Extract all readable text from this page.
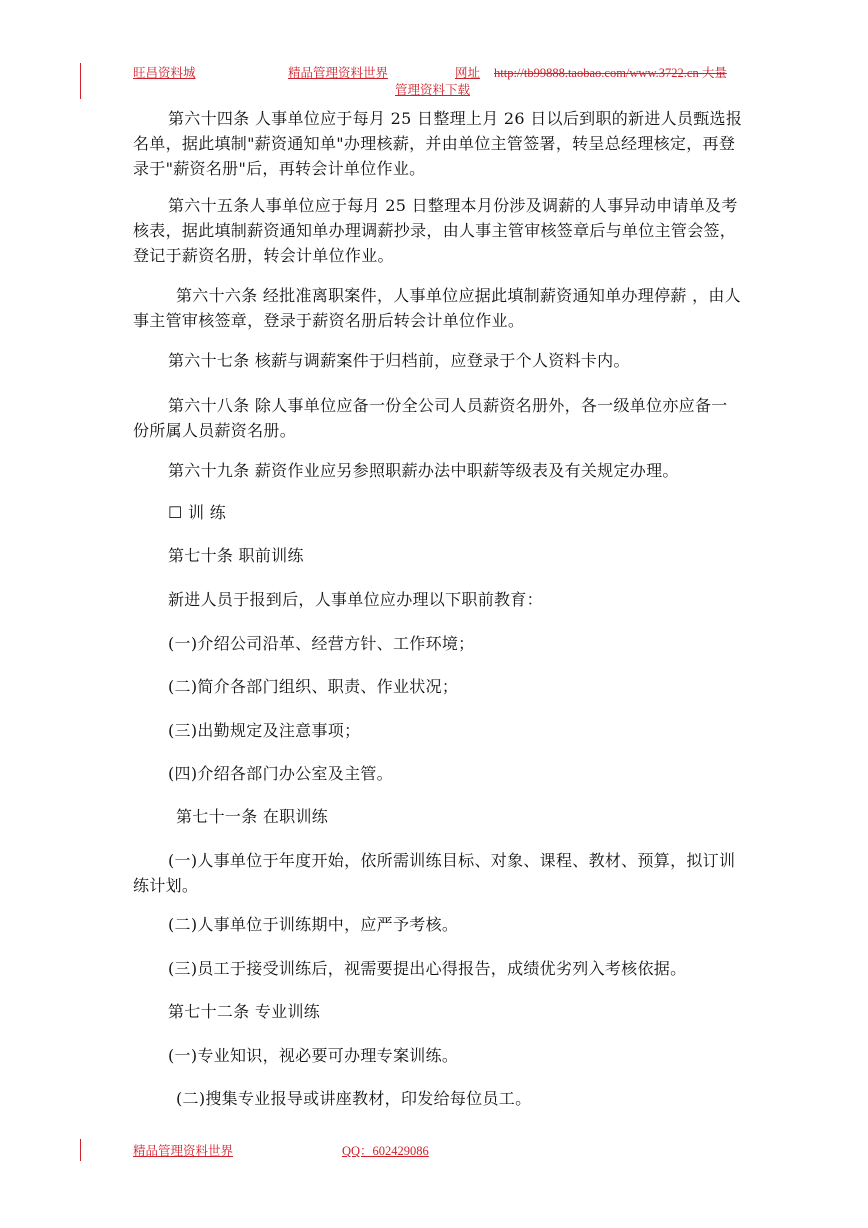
旺昌资料城	精品管理资料世界	网址 http://tb99888.taobao.com/www.3722.cn 大量
管理资料下载

第六十四条 人事单位应于每月 25 日整理上月 26 日以后到职的新进人员甄选报名单，据此填制"薪资通知单"办理核薪，并由单位主管签署，转呈总经理核定，再登录于"薪资名册"后，再转会计单位作业。

第六十五条人事单位应于每月 25 日整理本月份涉及调薪的人事异动申请单及考核表，据此填制薪资通知单办理调薪抄录，由人事主管审核签章后与单位主管会签，登记于薪资名册，转会计单位作业。

第六十六条 经批准离职案件，人事单位应据此填制薪资通知单办理停薪 ，由人事主管审核签章，登录于薪资名册后转会计单位作业。

第六十七条 核薪与调薪案件于归档前，应登录于个人资料卡内。

第六十八条 除人事单位应备一份全公司人员薪资名册外，各一级单位亦应备一份所属人员薪资名册。

第六十九条 薪资作业应另参照职薪办法中职薪等级表及有关规定办理。

☐ 训 练

第七十条 职前训练

新进人员于报到后，人事单位应办理以下职前教育：

(一)介绍公司沿革、经营方针、工作环境；

(二)简介各部门组织、职责、作业状况；

(三)出勤规定及注意事项；

(四)介绍各部门办公室及主管。

第七十一条 在职训练

(一)人事单位于年度开始，依所需训练目标、对象、课程、教材、预算，拟订训练计划。

(二)人事单位于训练期中，应严予考核。

(三)员工于接受训练后，视需要提出心得报告，成绩优劣列入考核依据。

第七十二条 专业训练

(一)专业知识，视必要可办理专案训练。

(二)搜集专业报导或讲座教材，印发给每位员工。

精品管理资料世界	QQ：602429086
